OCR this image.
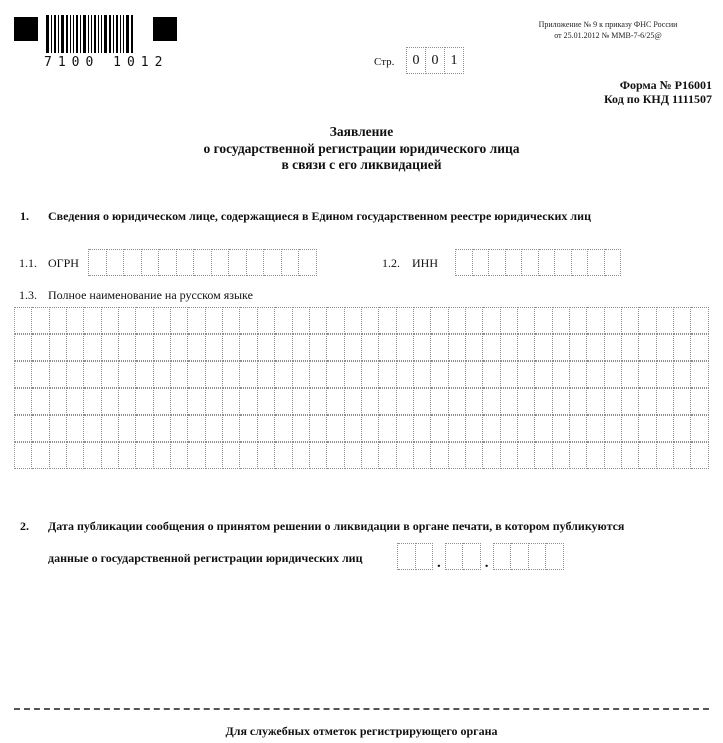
7100 1012	Стр.	0 0 1
Приложение № 9 к приказу ФНС России
от 25.01.2012 № ММВ-7-6/25@
Форма № Р16001
Код по КНД 1111507
Заявление
о государственной регистрации юридического лица
в связи с его ликвидацией
1. Сведения о юридическом лице, содержащиеся в Едином государственном реестре юридических лиц
1.1. ОГРН	1.2. ИНН
1.3. Полное наименование на русском языке
2. Дата публикации сообщения о принятом решении о ликвидации в органе печати, в котором публикуются
данные о государственной регистрации юридических лиц	.	.
Для служебных отметок регистрирующего органа
